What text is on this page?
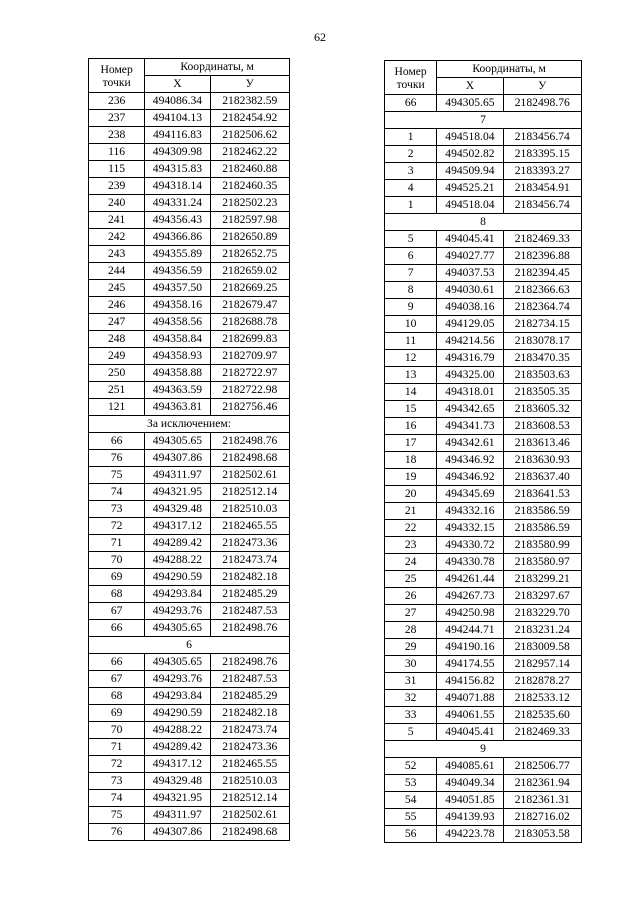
62
Номер
точки	Координаты, м	
	Х	У
236	494086.34	2182382.59
237	494104.13	2182454.92
238	494116.83	2182506.62
116	494309.98	2182462.22
115	494315.83	2182460.88
239	494318.14	2182460.35
240	494331.24	2182502.23
241	494356.43	2182597.98
242	494366.86	2182650.89
243	494355.89	2182652.75
244	494356.59	2182659.02
245	494357.50	2182669.25
246	494358.16	2182679.47
247	494358.56	2182688.78
248	494358.84	2182699.83
249	494358.93	2182709.97
250	494358.88	2182722.97
251	494363.59	2182722.98
121	494363.81	2182756.46
За исключением:		
66	494305.65	2182498.76
76	494307.86	2182498.68
75	494311.97	2182502.61
74	494321.95	2182512.14
73	494329.48	2182510.03
72	494317.12	2182465.55
71	494289.42	2182473.36
70	494288.22	2182473.74
69	494290.59	2182482.18
68	494293.84	2182485.29
67	494293.76	2182487.53
66	494305.65	2182498.76
6		
66	494305.65	2182498.76
67	494293.76	2182487.53
68	494293.84	2182485.29
69	494290.59	2182482.18
70	494288.22	2182473.74
71	494289.42	2182473.36
72	494317.12	2182465.55
73	494329.48	2182510.03
74	494321.95	2182512.14
75	494311.97	2182502.61
76	494307.86	2182498.68
Номер
точки	Координаты, м	
	Х	У
66	494305.65	2182498.76
7		
1	494518.04	2183456.74
2	494502.82	2183395.15
3	494509.94	2183393.27
4	494525.21	2183454.91
1	494518.04	2183456.74
8		
5	494045.41	2182469.33
6	494027.77	2182396.88
7	494037.53	2182394.45
8	494030.61	2182366.63
9	494038.16	2182364.74
10	494129.05	2182734.15
11	494214.56	2183078.17
12	494316.79	2183470.35
13	494325.00	2183503.63
14	494318.01	2183505.35
15	494342.65	2183605.32
16	494341.73	2183608.53
17	494342.61	2183613.46
18	494346.92	2183630.93
19	494346.92	2183637.40
20	494345.69	2183641.53
21	494332.16	2183586.59
22	494332.15	2183586.59
23	494330.72	2183580.99
24	494330.78	2183580.97
25	494261.44	2183299.21
26	494267.73	2183297.67
27	494250.98	2183229.70
28	494244.71	2183231.24
29	494190.16	2183009.58
30	494174.55	2182957.14
31	494156.82	2182878.27
32	494071.88	2182533.12
33	494061.55	2182535.60
5	494045.41	2182469.33
9		
52	494085.61	2182506.77
53	494049.34	2182361.94
54	494051.85	2182361.31
55	494139.93	2182716.02
56	494223.78	2183053.58
